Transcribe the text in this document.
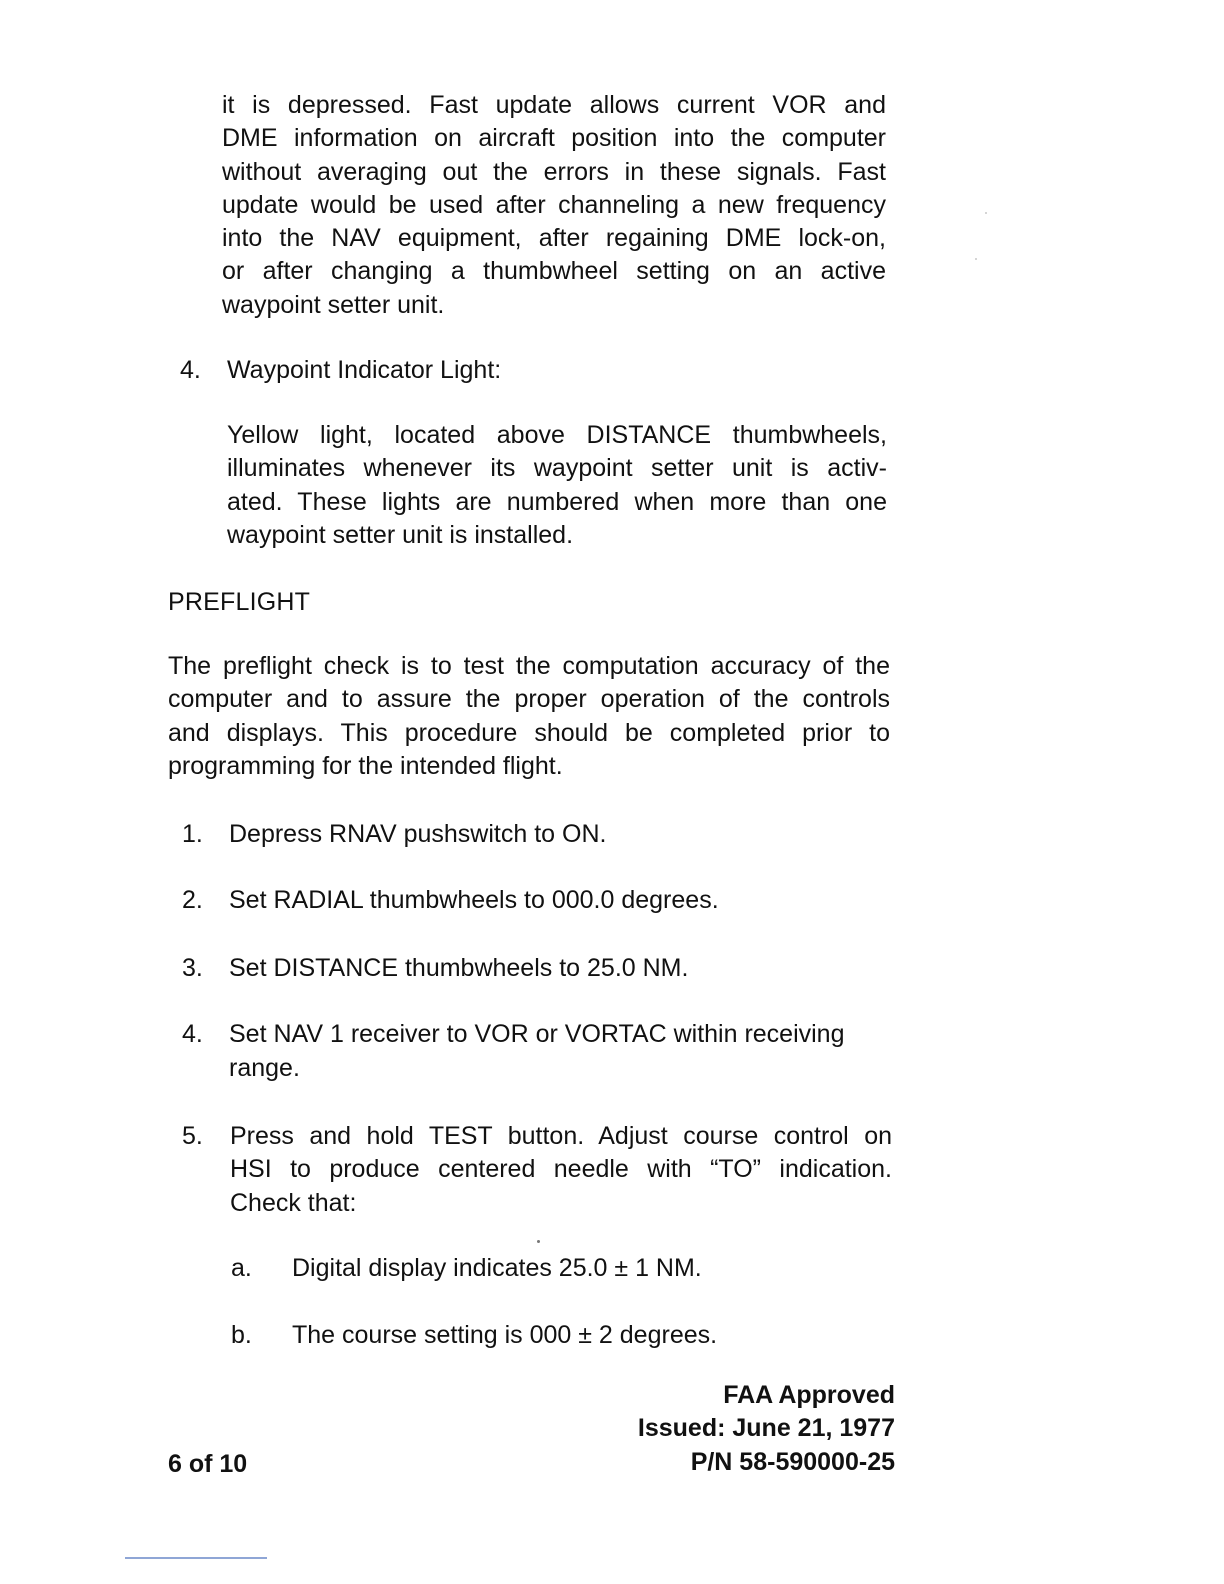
it is depressed. Fast update allows current VOR and
DME information on aircraft position into the computer
without averaging out the errors in these signals. Fast
update would be used after channeling a new frequency
into the NAV equipment, after regaining DME lock-on,
or after changing a thumbwheel setting on an active
waypoint setter unit.
4. Waypoint Indicator Light:
Yellow light, located above DISTANCE thumbwheels,
illuminates whenever its waypoint setter unit is activ-
ated. These lights are numbered when more than one
waypoint setter unit is installed.
PREFLIGHT
The preflight check is to test the computation accuracy of the
computer and to assure the proper operation of the controls
and displays. This procedure should be completed prior to
programming for the intended flight.
1. Depress RNAV pushswitch to ON.
2. Set RADIAL thumbwheels to 000.0 degrees.
3. Set DISTANCE thumbwheels to 25.0 NM.
4. Set NAV 1 receiver to VOR or VORTAC within receiving
range.
5. Press and hold TEST button. Adjust course control on
HSI to produce centered needle with “TO” indication.
Check that:
a. Digital display indicates 25.0 ± 1 NM.
b. The course setting is 000 ± 2 degrees.
FAA Approved
Issued: June 21, 1977
P/N 58-590000-25
6 of 10
